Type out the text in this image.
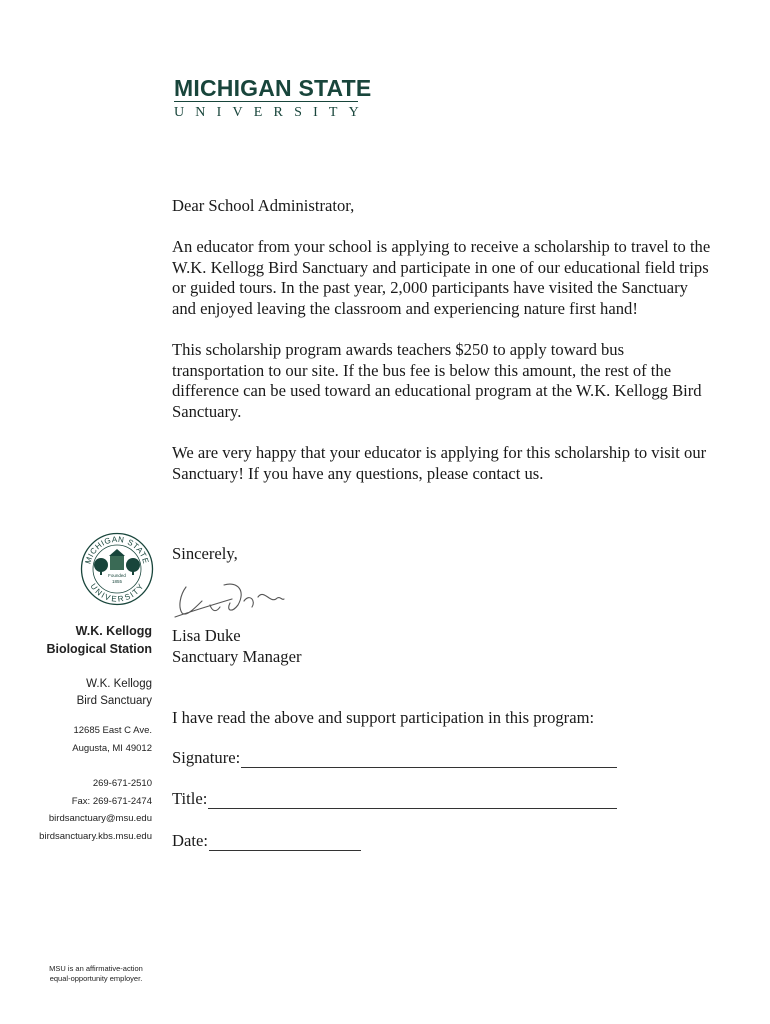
MICHIGAN STATE
UNIVERSITY

Dear School Administrator,

An educator from your school is applying to receive a scholarship to travel to the W.K. Kellogg Bird Sanctuary and participate in one of our educational field trips or guided tours. In the past year, 2,000 participants have visited the Sanctuary and enjoyed leaving the classroom and experiencing nature first hand!

This scholarship program awards teachers $250 to apply toward bus transportation to our site. If the bus fee is below this amount, the rest of the difference can be used toward an educational program at the W.K. Kellogg Bird Sanctuary.

We are very happy that your educator is applying for this scholarship to visit our Sanctuary! If you have any questions, please contact us.

MICHIGAN STATE
UNIVERSITY
Founded
1855
W.K. Kellogg
Biological Station
W.K. Kellogg
Bird Sanctuary
12685 East C Ave.
Augusta, MI 49012
269-671-2510
Fax: 269-671-2474
birdsanctuary@msu.edu
birdsanctuary.kbs.msu.edu
Sincerely,
Lisa Duke
Sanctuary Manager
I have read the above and support participation in this program:
Signature:
Title:
Date:
MSU is an affirmative-action
equal-opportunity employer.
